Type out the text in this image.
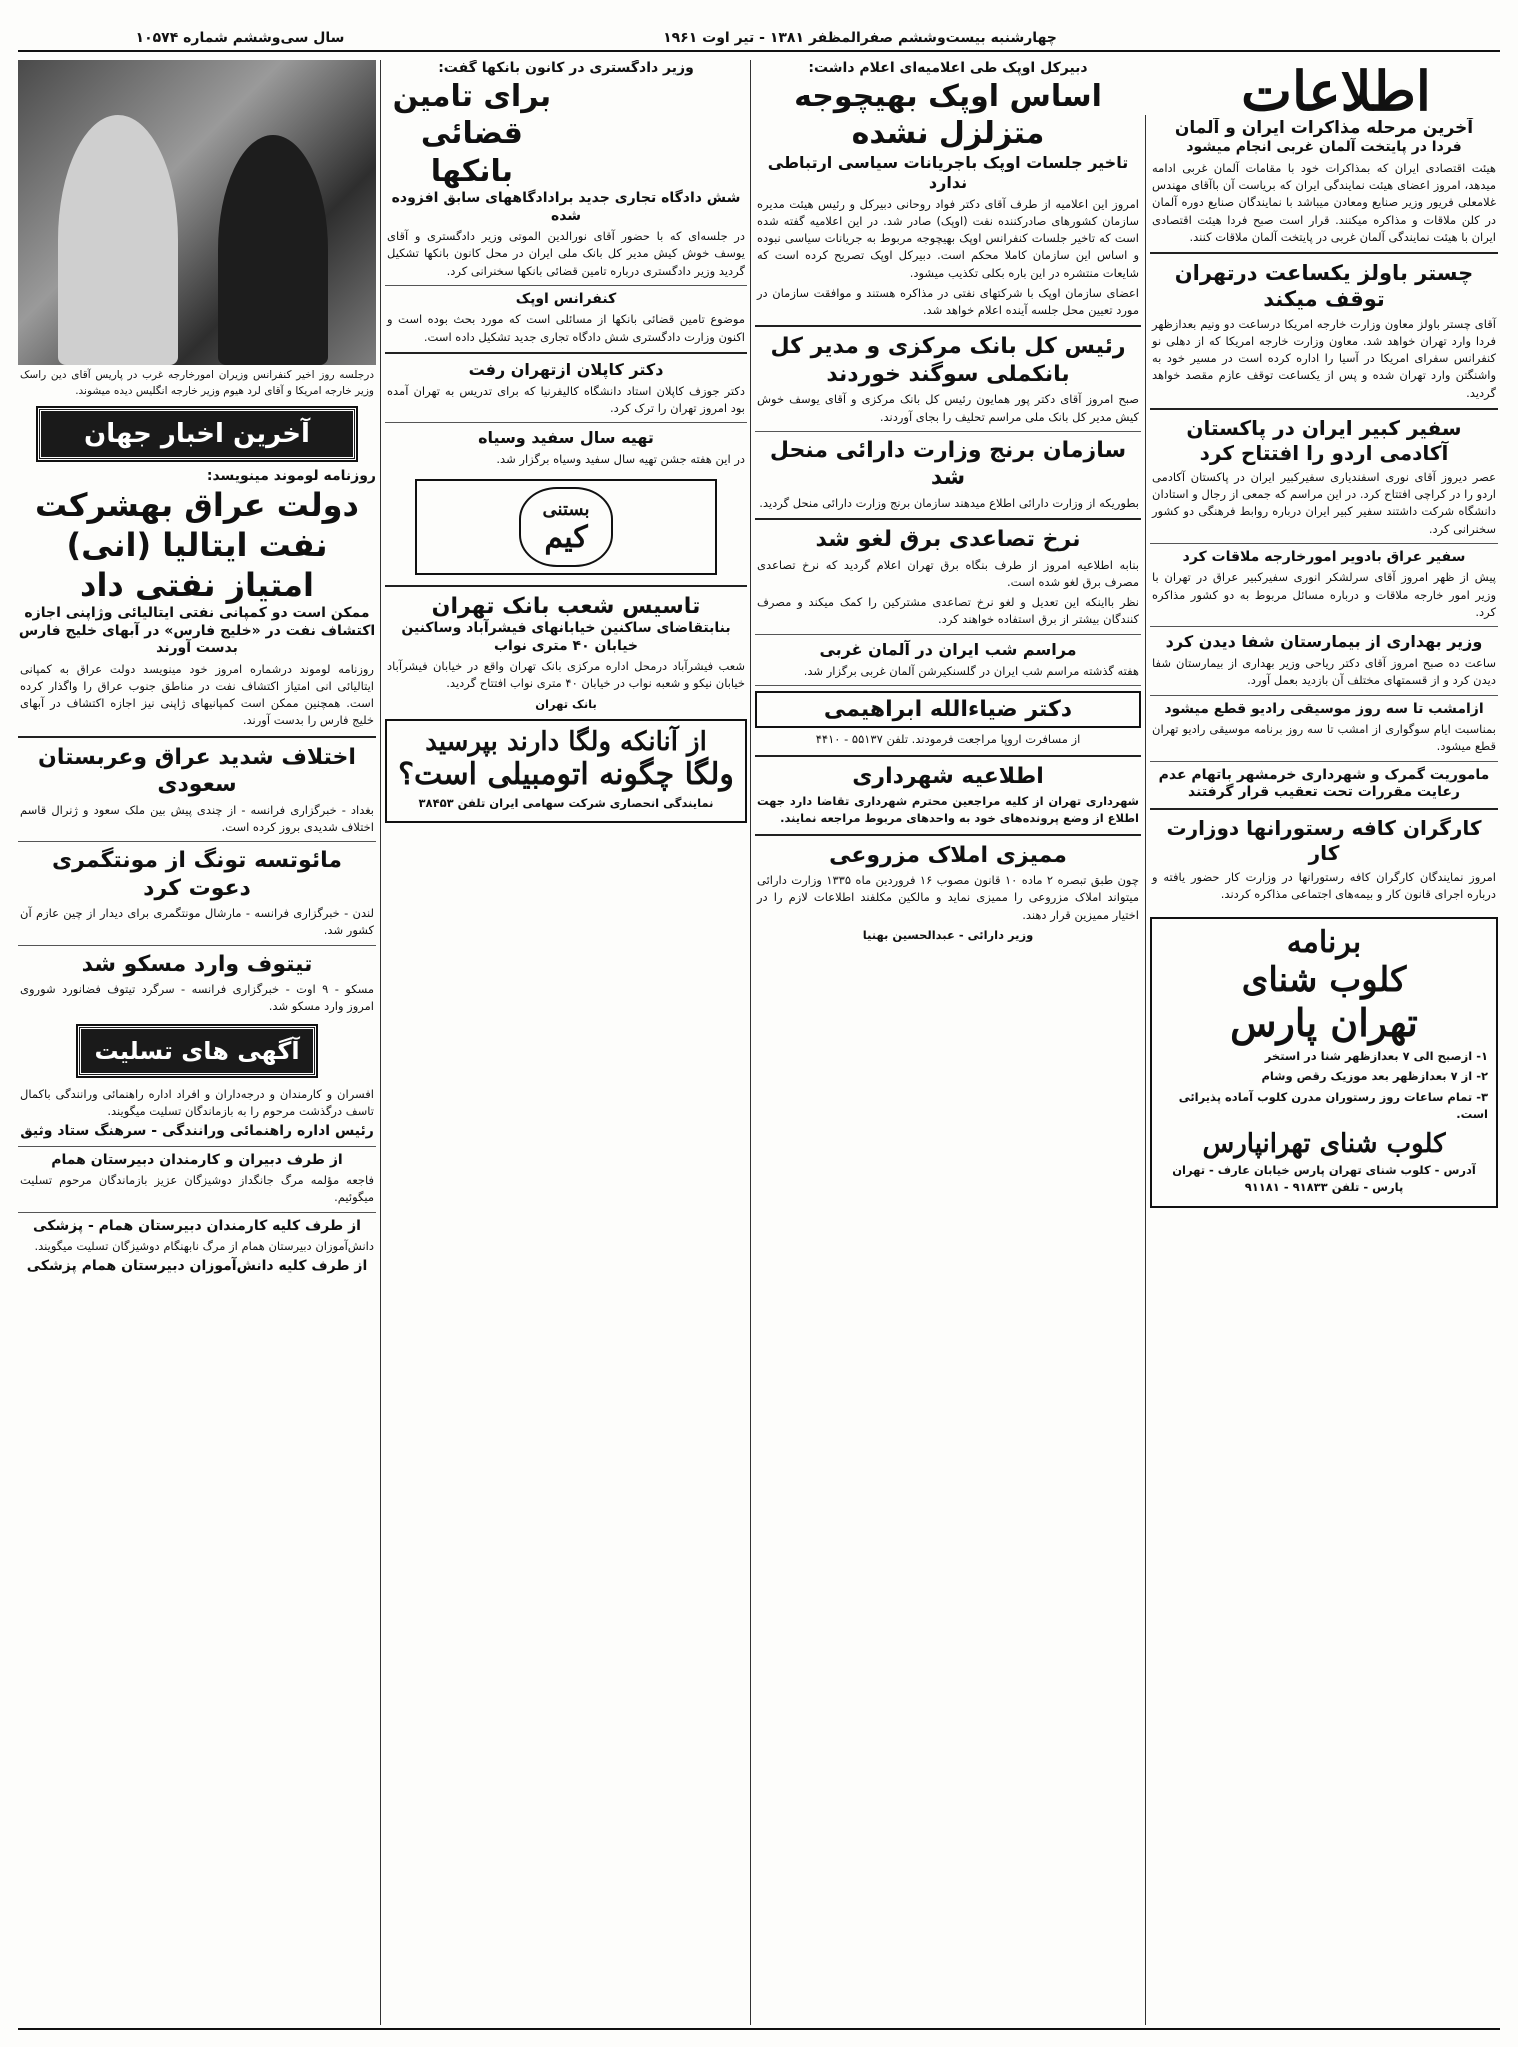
چهارشنبه بیست‌وششم صفرالمظفر ۱۳۸۱ - تیر اوت ۱۹۶۱
سال سی‌وششم شماره ۱۰۵۷۴
اطلاعات
آخرین مرحله مذاکرات ایران و آلمان
فردا در پایتخت آلمان غربی انجام میشود

هیئت اقتصادی ایران که بمذاکرات خود با مقامات آلمان غربی ادامه میدهد، امروز اعضای هیئت نمایندگی ایران که بریاست آن باآقای مهندس غلامعلی فریور وزیر صنایع ومعادن میباشد با نمایندگان صنایع دوره آلمان در کلن ملاقات و مذاکره میکنند. قرار است صبح فردا هیئت اقتصادی ایران با هیئت نمایندگی آلمان غربی در پایتخت آلمان ملاقات کنند.

چستر باولز یکساعت درتهران توقف میکند

آقای چستر باولز معاون وزارت خارجه امریکا درساعت دو ونیم بعدازظهر فردا وارد تهران خواهد شد. معاون وزارت خارجه امریکا که از دهلی نو کنفرانس سفرای امریکا در آسیا را اداره کرده است در مسیر خود به واشنگتن وارد تهران شده و پس از یکساعت توقف عازم مقصد خواهد گردید.

سفیر کبیر ایران در پاکستان آکادمی اردو را افتتاح کرد

عصر دیروز آقای نوری اسفندیاری سفیرکبیر ایران در پاکستان آکادمی اردو را در کراچی افتتاح کرد. در این مراسم که جمعی از رجال و استادان دانشگاه شرکت داشتند سفیر کبیر ایران درباره روابط فرهنگی دو کشور سخنرانی کرد.

سفیر عراق بادویر امورخارجه ملاقات کرد

پیش از ظهر امروز آقای سرلشکر انوری سفیرکبیر عراق در تهران با وزیر امور خارجه ملاقات و درباره مسائل مربوط به دو کشور مذاکره کرد.

وزیر بهداری از بیمارستان شفا دیدن کرد

ساعت ده صبح امروز آقای دکتر ریاحی وزیر بهداری از بیمارستان شفا دیدن کرد و از قسمتهای مختلف آن بازدید بعمل آورد.

ازامشب تا سه روز موسیقی رادیو قطع میشود

بمناسبت ایام سوگواری از امشب تا سه روز برنامه موسیقی رادیو تهران قطع میشود.

ماموریت گمرک و شهرداری خرمشهر باتهام عدم رعایت مقررات تحت تعقیب قرار گرفتند
کارگران کافه رستورانها دوزارت کار

امروز نمایندگان کارگران کافه رستورانها در وزارت کار حضور یافته و درباره اجرای قانون کار و بیمه‌های اجتماعی مذاکره کردند.

برنامه
کلوب شنای
تهران پارس
۱- ازصبح الی ۷ بعدازظهر شنا در استخر
۲- از ۷ بعدازظهر بعد موزیک رقص وشام
۳- تمام ساعات روز رستوران مدرن کلوب آماده پذیرائی است.
کلوب شنای تهرانپارس
آدرس - کلوب شنای تهران پارس خیابان عارف - تهران پارس - تلفن ۹۱۸۳۳ - ۹۱۱۸۱
دبیرکل اوپک طی اعلامیه‌ای اعلام داشت:
اساس اوپک بهیچوجه متزلزل نشده
تاخیر جلسات اوپک باجریانات سیاسی ارتباطی ندارد

امروز این اعلامیه از طرف آقای دکتر فواد روحانی دبیرکل و رئیس هیئت مدیره سازمان کشورهای صادرکننده نفت (اوپک) صادر شد. در این اعلامیه گفته شده است که تاخیر جلسات کنفرانس اوپک بهیچوجه مربوط به جریانات سیاسی نبوده و اساس این سازمان کاملا محکم است. دبیرکل اوپک تصریح کرده است که شایعات منتشره در این باره بکلی تکذیب میشود.

اعضای سازمان اوپک با شرکتهای نفتی در مذاکره هستند و موافقت سازمان در مورد تعیین محل جلسه آینده اعلام خواهد شد.

رئیس کل بانک مرکزی و مدیر کل بانکملی سوگند خوردند

صبح امروز آقای دکتر پور همایون رئیس کل بانک مرکزی و آقای یوسف خوش کیش مدیر کل بانک ملی مراسم تحلیف را بجای آوردند.

سازمان برنج وزارت دارائی منحل شد

بطوریکه از وزارت دارائی اطلاع میدهند سازمان برنج وزارت دارائی منحل گردید.

نرخ تصاعدی برق لغو شد

بنابه اطلاعیه امروز از طرف بنگاه برق تهران اعلام گردید که نرخ تصاعدی مصرف برق لغو شده است.

نظر بااینکه این تعدیل و لغو نرخ تصاعدی مشترکین را کمک میکند و مصرف کنندگان بیشتر از برق استفاده خواهند کرد.

مراسم شب ایران در آلمان غربی

هفته گذشته مراسم شب ایران در گلسنکیرشن آلمان غربی برگزار شد.

دکتر ضیاءالله ابراهیمی

از مسافرت اروپا مراجعت فرمودند. تلفن ۵۵۱۳۷ - ۴۴۱۰

اطلاعیه شهرداری

شهرداری تهران از کلیه مراجعین محترم شهرداری تقاضا دارد جهت اطلاع از وضع پرونده‌های خود به واحدهای مربوط مراجعه نمایند.

ممیزی املاک مزروعی

چون طبق تبصره ۲ ماده ۱۰ قانون مصوب ۱۶ فروردین ماه ۱۳۳۵ وزارت دارائی میتواند املاک مزروعی را ممیزی نماید و مالکین مکلفند اطلاعات لازم را در اختیار ممیزین قرار دهند.

وزیر دارائی - عبدالحسین بهنیا

وزیر دادگستری در کانون بانکها گفت:
برای تامین قضائی بانکها
شش دادگاه تجاری جدید برادادگاههای سابق افزوده شده

در جلسه‌ای که با حضور آقای نورالدین الموتی وزیر دادگستری و آقای یوسف خوش کیش مدیر کل بانک ملی ایران در محل کانون بانکها تشکیل گردید وزیر دادگستری درباره تامین قضائی بانکها سخنرانی کرد.

کنفرانس اوپک

موضوع تامین قضائی بانکها از مسائلی است که مورد بحث بوده است و اکنون وزارت دادگستری شش دادگاه تجاری جدید تشکیل داده است.

دکتر کاپلان ازتهران رفت

دکتر جوزف کاپلان استاد دانشگاه کالیفرنیا که برای تدریس به تهران آمده بود امروز تهران را ترک کرد.

تهیه سال سفید وسیاه

در این هفته جشن تهیه سال سفید وسیاه برگزار شد.

بستنی
کیم
تاسیس شعب بانک تهران
بنابتقاضای ساکنین خیابانهای فیشرآباد وساکنین خیابان ۴۰ متری نواب

شعب فیشرآباد درمحل اداره مرکزی بانک تهران واقع در خیابان فیشرآباد خیابان نیکو و شعبه نواب در خیابان ۴۰ متری نواب افتتاح گردید.

بانک تهران

از آنانکه ولگا دارند بپرسید
ولگا چگونه اتومبیلی است؟
نمایندگی انحصاری شرکت سهامی ایران تلفن ۳۸۴۵۳

درجلسه روز اخیر کنفرانس وزیران امورخارجه غرب در پاریس آقای دین راسک وزیر خارجه امریکا و آقای لرد هیوم وزیر خارجه انگلیس دیده میشوند.

آخرین اخبار جهان
روزنامه لوموند مینویسد:
دولت عراق بهشرکت نفت ایتالیا (انی) امتیاز نفتی داد
ممکن است دو کمپانی نفتی ایتالیائی وژاپنی اجازه اکتشاف نفت در «خلیج فارس» در آبهای خلیج فارس بدست آورند

روزنامه لوموند درشماره امروز خود مینویسد دولت عراق به کمپانی ایتالیائی انی امتیاز اکتشاف نفت در مناطق جنوب عراق را واگذار کرده است. همچنین ممکن است کمپانیهای ژاپنی نیز اجازه اکتشاف در آبهای خلیج فارس را بدست آورند.

اختلاف شدید عراق وعربستان سعودی

بغداد - خبرگزاری فرانسه - از چندی پیش بین ملک سعود و ژنرال قاسم اختلاف شدیدی بروز کرده است.

مائوتسه تونگ از مونتگمری دعوت کرد

لندن - خبرگزاری فرانسه - مارشال مونتگمری برای دیدار از چین عازم آن کشور شد.

تیتوف وارد مسکو شد

مسکو - ۹ اوت - خبرگزاری فرانسه - سرگرد تیتوف فضانورد شوروی امروز وارد مسکو شد.

آگهی های تسلیت

افسران و کارمندان و درجه‌داران و افراد اداره راهنمائی ورانندگی باکمال تاسف درگذشت مرحوم را به بازماندگان تسلیت میگویند.

رئیس اداره راهنمائی ورانندگی - سرهنگ ستاد وثیق
از طرف دبیران و کارمندان دبیرستان همام

فاجعه مؤلمه مرگ جانگداز دوشیزگان عزیز بازماندگان مرحوم تسلیت میگوئیم.

از طرف کلیه کارمندان دبیرستان همام - پزشکی

دانش‌آموزان دبیرستان همام از مرگ نابهنگام دوشیزگان تسلیت میگویند.

از طرف کلیه دانش‌آموزان دبیرستان همام پزشکی
